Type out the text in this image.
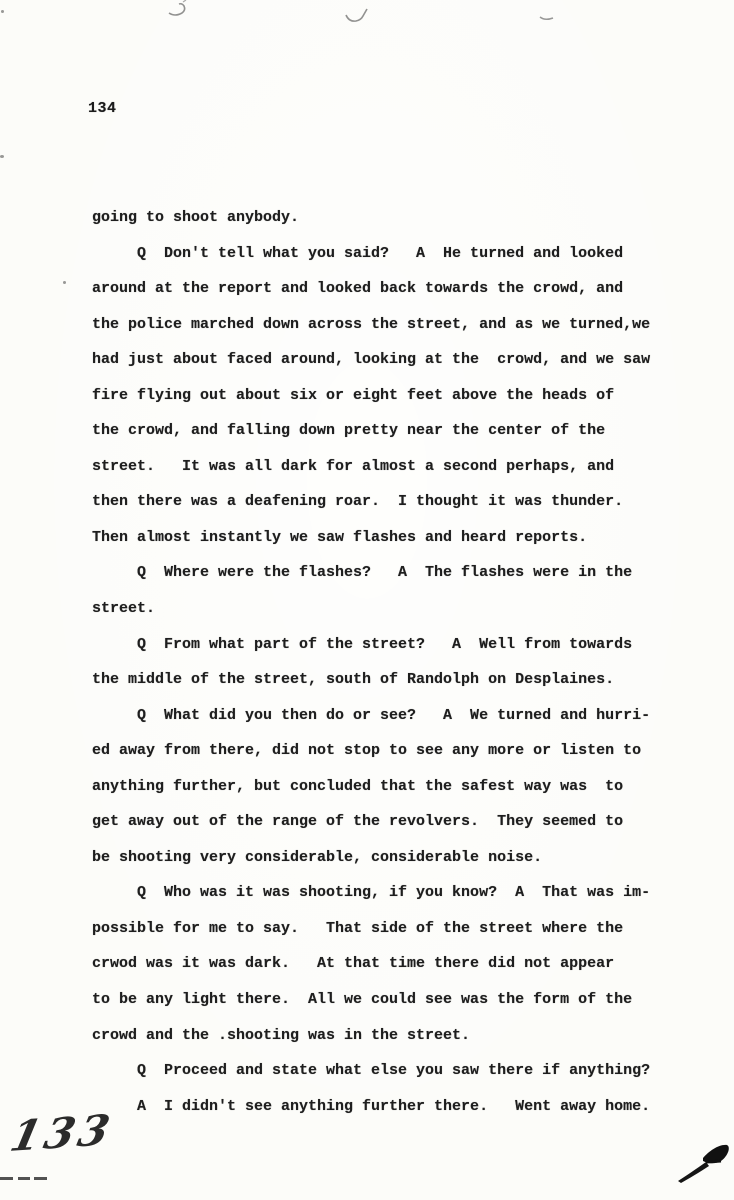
134
going to shoot anybody.
Q  Don't tell what you said?   A  He turned and looked
around at the report and looked back towards the crowd, and
the police marched down across the street, and as we turned,we
had just about faced around, looking at the  crowd, and we saw
fire flying out about six or eight feet above the heads of
the crowd, and falling down pretty near the center of the
street.   It was all dark for almost a second perhaps, and
then there was a deafening roar.  I thought it was thunder.
Then almost instantly we saw flashes and heard reports.
Q  Where were the flashes?   A  The flashes were in the
street.
Q  From what part of the street?   A  Well from towards
the middle of the street, south of Randolph on Desplaines.
Q  What did you then do or see?   A  We turned and hurri-
ed away from there, did not stop to see any more or listen to
anything further, but concluded that the safest way was  to
get away out of the range of the revolvers.  They seemed to
be shooting very considerable, considerable noise.
Q  Who was it was shooting, if you know?  A  That was im-
possible for me to say.   That side of the street where the
crwod was it was dark.   At that time there did not appear
to be any light there.  All we could see was the form of the
crowd and the .shooting was in the street.
Q  Proceed and state what else you saw there if anything?
A  I didn't see anything further there.   Went away home.
133
